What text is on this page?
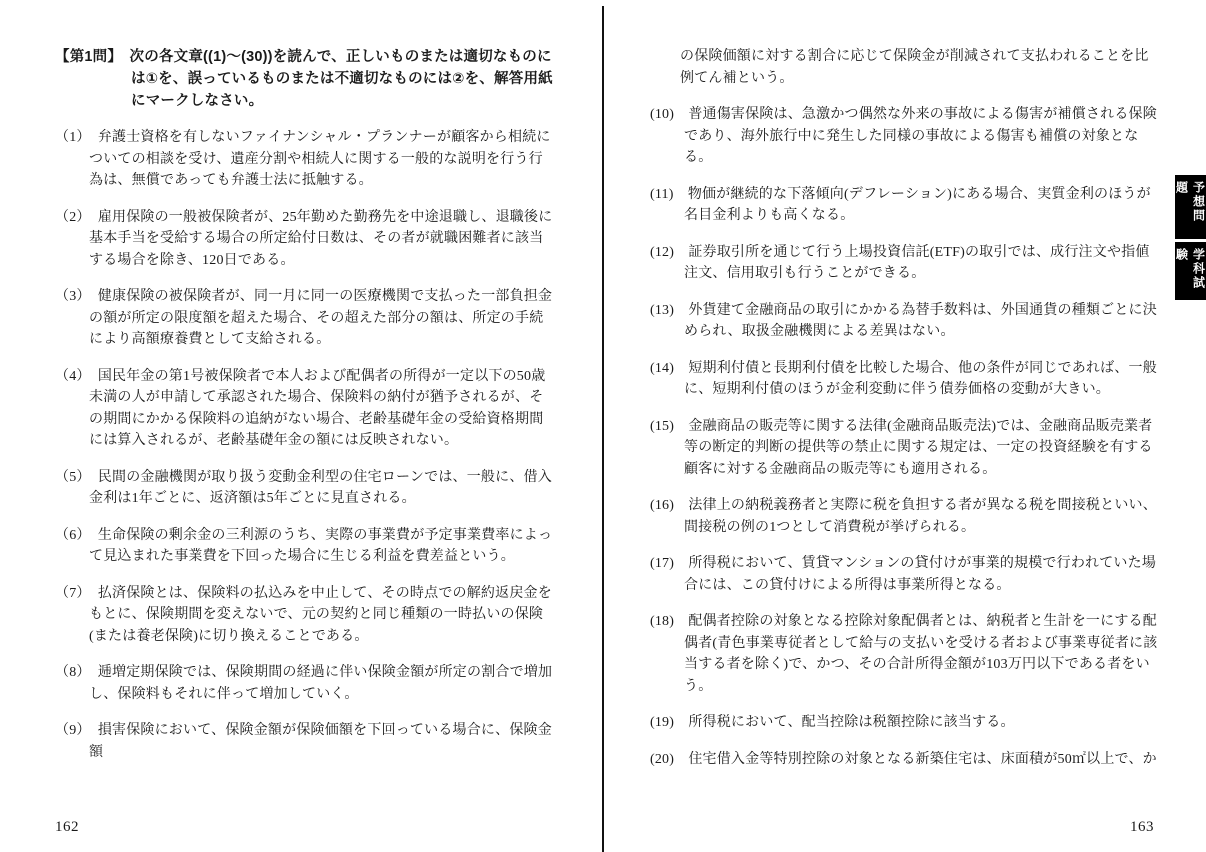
【第1問】 次の各文章((1)～(30))を読んで、正しいものまたは適切なものには①を、誤っているものまたは不適切なものには②を、解答用紙にマークしなさい。
（1） 弁護士資格を有しないファイナンシャル・プランナーが顧客から相続についての相談を受け、遺産分割や相続人に関する一般的な説明を行う行為は、無償であっても弁護士法に抵触する。
（2） 雇用保険の一般被保険者が、25年勤めた勤務先を中途退職し、退職後に基本手当を受給する場合の所定給付日数は、その者が就職困難者に該当する場合を除き、120日である。
（3） 健康保険の被保険者が、同一月に同一の医療機関で支払った一部負担金の額が所定の限度額を超えた場合、その超えた部分の額は、所定の手続により高額療養費として支給される。
（4） 国民年金の第1号被保険者で本人および配偶者の所得が一定以下の50歳未満の人が申請して承認された場合、保険料の納付が猶予されるが、その期間にかかる保険料の追納がない場合、老齢基礎年金の受給資格期間には算入されるが、老齢基礎年金の額には反映されない。
（5） 民間の金融機関が取り扱う変動金利型の住宅ローンでは、一般に、借入金利は1年ごとに、返済額は5年ごとに見直される。
（6） 生命保険の剰余金の三利源のうち、実際の事業費が予定事業費率によって見込まれた事業費を下回った場合に生じる利益を費差益という。
（7） 払済保険とは、保険料の払込みを中止して、その時点での解約返戻金をもとに、保険期間を変えないで、元の契約と同じ種類の一時払いの保険(または養老保険)に切り換えることである。
（8） 逓増定期保険では、保険期間の経過に伴い保険金額が所定の割合で増加し、保険料もそれに伴って増加していく。
（9） 損害保険において、保険金額が保険価額を下回っている場合に、保険金額
162
の保険価額に対する割合に応じて保険金が削減されて支払われることを比例てん補という。
(10) 普通傷害保険は、急激かつ偶然な外来の事故による傷害が補償される保険であり、海外旅行中に発生した同様の事故による傷害も補償の対象となる。
(11) 物価が継続的な下落傾向(デフレーション)にある場合、実質金利のほうが名目金利よりも高くなる。
(12) 証券取引所を通じて行う上場投資信託(ETF)の取引では、成行注文や指値注文、信用取引も行うことができる。
(13) 外貨建て金融商品の取引にかかる為替手数料は、外国通貨の種類ごとに決められ、取扱金融機関による差異はない。
(14) 短期利付債と長期利付債を比較した場合、他の条件が同じであれば、一般に、短期利付債のほうが金利変動に伴う債券価格の変動が大きい。
(15) 金融商品の販売等に関する法律(金融商品販売法)では、金融商品販売業者等の断定的判断の提供等の禁止に関する規定は、一定の投資経験を有する顧客に対する金融商品の販売等にも適用される。
(16) 法律上の納税義務者と実際に税を負担する者が異なる税を間接税といい、間接税の例の1つとして消費税が挙げられる。
(17) 所得税において、賃貸マンションの貸付けが事業的規模で行われていた場合には、この貸付けによる所得は事業所得となる。
(18) 配偶者控除の対象となる控除対象配偶者とは、納税者と生計を一にする配偶者(青色事業専従者として給与の支払いを受ける者および事業専従者に該当する者を除く)で、かつ、その合計所得金額が103万円以下である者をいう。
(19) 所得税において、配当控除は税額控除に該当する。
(20) 住宅借入金等特別控除の対象となる新築住宅は、床面積が50㎡以上で、か
163
予想問題
学科試験
